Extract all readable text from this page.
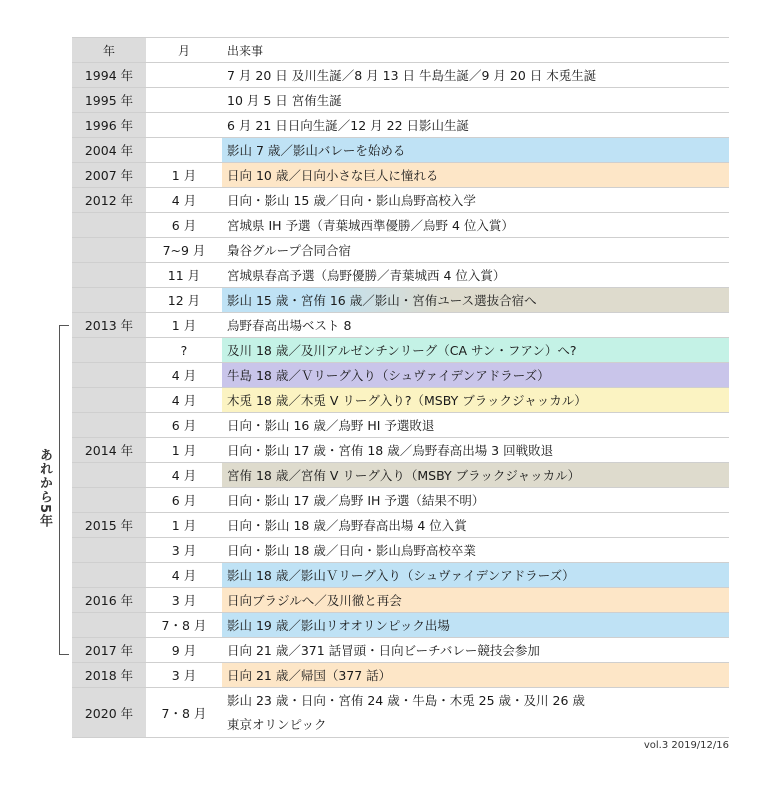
年	月	出来事
1994 年		7 月 20 日 及川生誕／8 月 13 日 牛島生誕／9 月 20 日 木兎生誕
1995 年		10 月 5 日 宮侑生誕
1996 年		6 月 21 日日向生誕／12 月 22 日影山生誕
2004 年		影山 7 歳／影山バレーを始める
2007 年	1 月	日向 10 歳／日向小さな巨人に憧れる
2012 年	4 月	日向・影山 15 歳／日向・影山烏野高校入学
	6 月	宮城県 IH 予選（青葉城西準優勝／烏野 4 位入賞）
	7~9 月	梟谷グループ合同合宿
	11 月	宮城県春高予選（烏野優勝／青葉城西 4 位入賞）
	12 月	影山 15 歳・宮侑 16 歳／影山・宮侑ユース選抜合宿へ
2013 年	1 月	烏野春高出場ベスト 8
	?	及川 18 歳／及川アルゼンチンリーグ（CA サン・フアン）へ?
	4 月	牛島 18 歳／Ｖリーグ入り（シュヴァイデンアドラーズ）
	4 月	木兎 18 歳／木兎 V リーグ入り?（MSBY ブラックジャッカル）
	6 月	日向・影山 16 歳／烏野 HI 予選敗退
2014 年	1 月	日向・影山 17 歳・宮侑 18 歳／烏野春高出場 3 回戦敗退
	4 月	宮侑 18 歳／宮侑 V リーグ入り（MSBY ブラックジャッカル）
	6 月	日向・影山 17 歳／烏野 IH 予選（結果不明）
2015 年	1 月	日向・影山 18 歳／烏野春高出場 4 位入賞
	3 月	日向・影山 18 歳／日向・影山烏野高校卒業
	4 月	影山 18 歳／影山Ｖリーグ入り（シュヴァイデンアドラーズ）
2016 年	3 月	日向ブラジルへ／及川徹と再会
	7・8 月	影山 19 歳／影山リオオリンピック出場
2017 年	9 月	日向 21 歳／371 話冒頭・日向ビーチバレー競技会参加
2018 年	3 月	日向 21 歳／帰国（377 話）
2020 年	7・8 月	影山 23 歳・日向・宮侑 24 歳・牛島・木兎 25 歳・及川 26 歳
東京オリンピック
あれから5年
vol.3 2019/12/16
